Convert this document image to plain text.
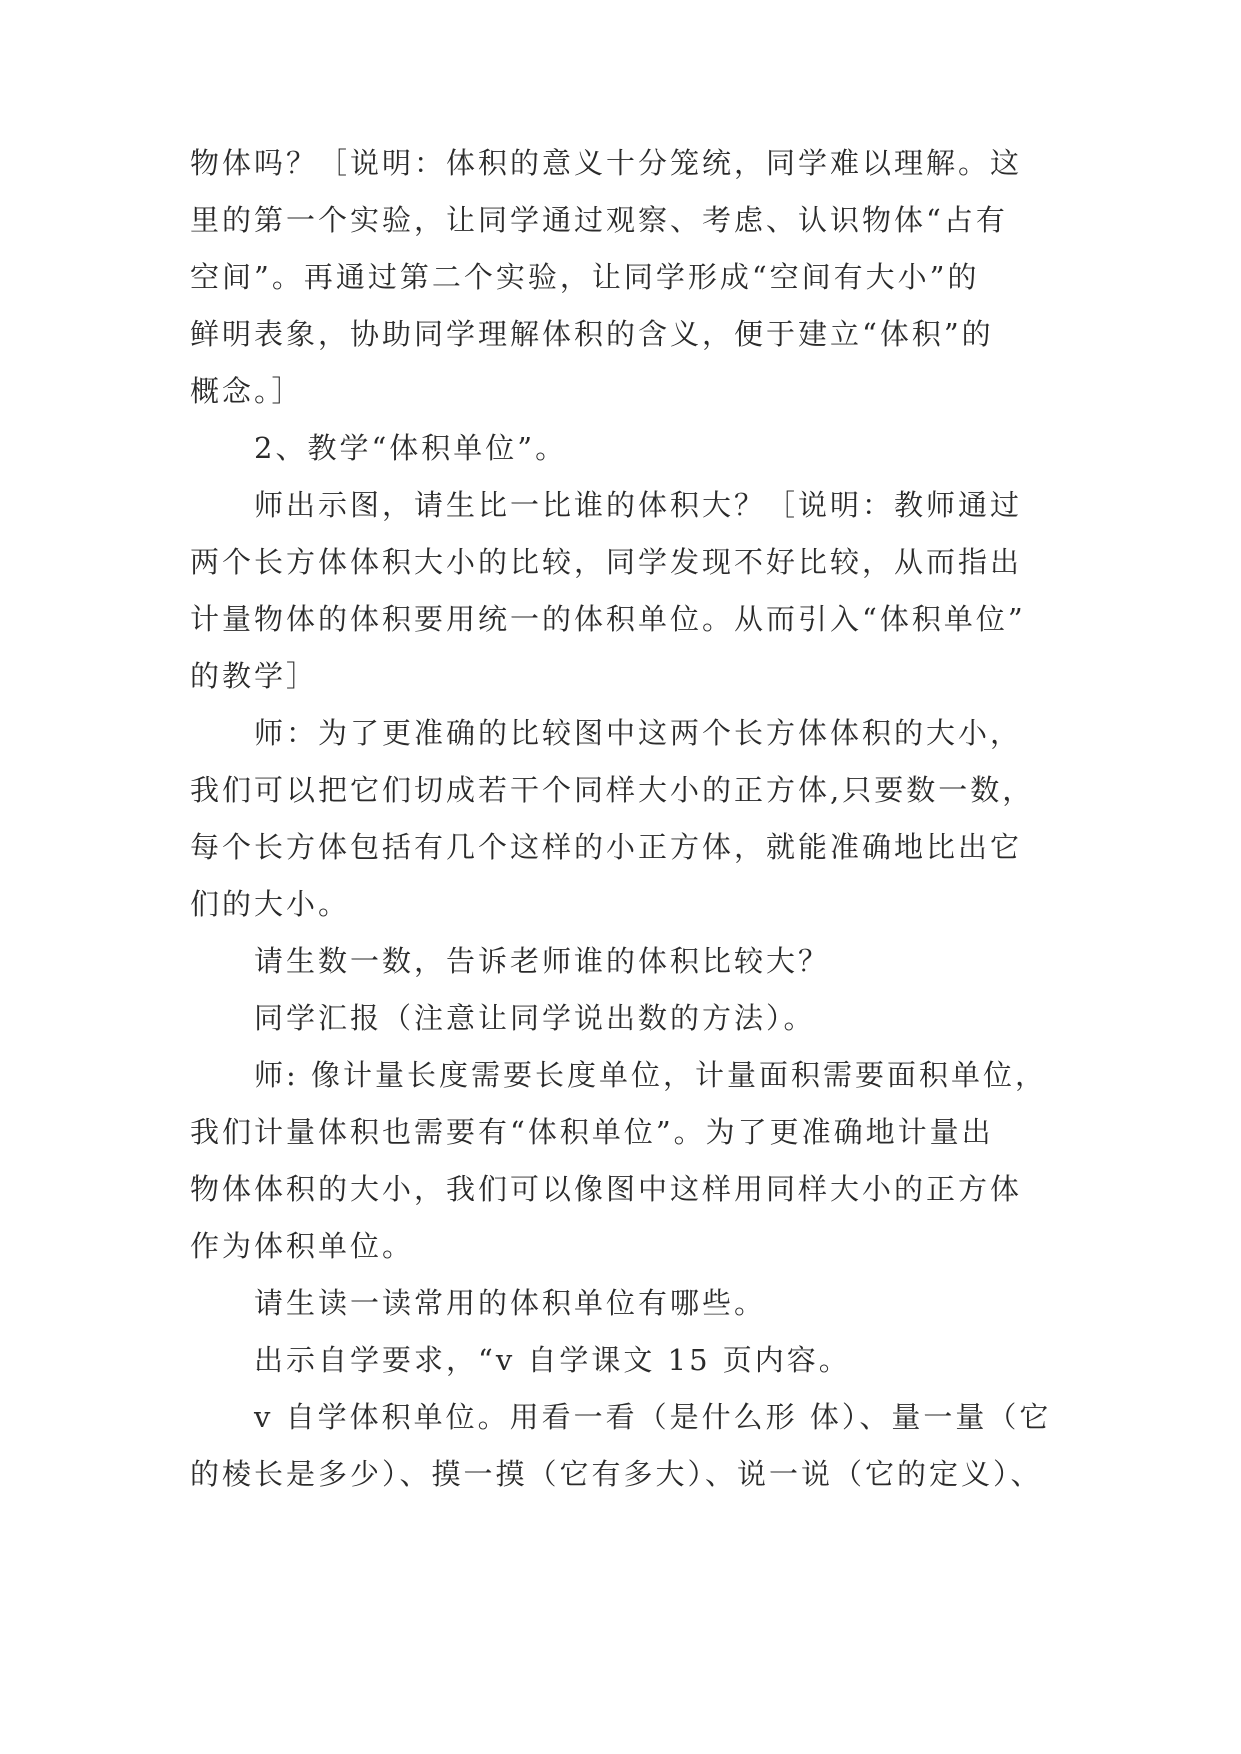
物体吗？［说明：体积的意义十分笼统，同学难以理解。这
里的第一个实验，让同学通过观察、考虑、认识物体“占有
空间”。再通过第二个实验，让同学形成“空间有大小”的
鲜明表象，协助同学理解体积的含义，便于建立“体积”的
概念。］
2、教学“体积单位”。
师出示图，请生比一比谁的体积大？［说明：教师通过
两个长方体体积大小的比较，同学发现不好比较，从而指出
计量物体的体积要用统一的体积单位。从而引入“体积单位”
的教学］
师：为了更准确的比较图中这两个长方体体积的大小，
我们可以把它们切成若干个同样大小的正方体,只要数一数，
每个长方体包括有几个这样的小正方体，就能准确地比出它
们的大小。
请生数一数，告诉老师谁的体积比较大？
同学汇报（注意让同学说出数的方法）。
师: 像计量长度需要长度单位，计量面积需要面积单位，
我们计量体积也需要有“体积单位”。为了更准确地计量出
物体体积的大小，我们可以像图中这样用同样大小的正方体
作为体积单位。
请生读一读常用的体积单位有哪些。
出示自学要求，“v 自学课文 15 页内容。
v 自学体积单位。用看一看（是什么形 体）、量一量（它
的棱长是多少）、摸一摸（它有多大）、说一说（它的定义）、
